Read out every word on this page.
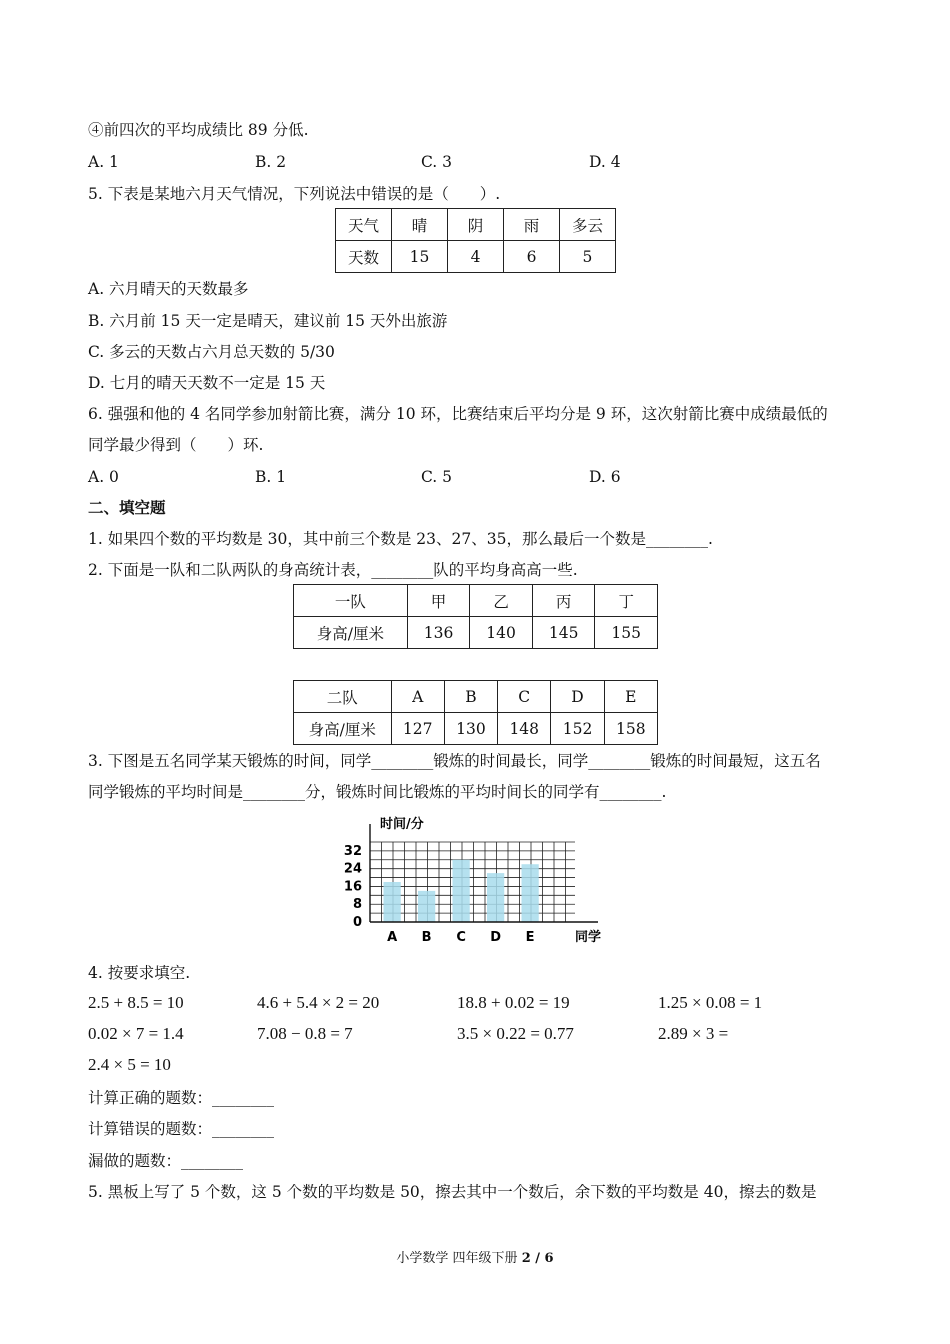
④前四次的平均成绩比 89 分低.
A. 1	B. 2	C. 3	D. 4
5. 下表是某地六月天气情况，下列说法中错误的是（　　）.
天气	晴	阴	雨	多云
天数	15	4	6	5
A. 六月晴天的天数最多
B. 六月前 15 天一定是晴天，建议前 15 天外出旅游
C. 多云的天数占六月总天数的 5/30
D. 七月的晴天天数不一定是 15 天
6. 强强和他的 4 名同学参加射箭比赛，满分 10 环，比赛结束后平均分是 9 环，这次射箭比赛中成绩最低的
同学最少得到（　　）环.
A. 0	B. 1	C. 5	D. 6
二、填空题
1. 如果四个数的平均数是 30，其中前三个数是 23、27、35，那么最后一个数是________.
2. 下面是一队和二队两队的身高统计表，________队的平均身高高一些.
一队	甲	乙	丙	丁
身高/厘米	136	140	145	155
二队	A	B	C	D	E
身高/厘米	127	130	148	152	158
3. 下图是五名同学某天锻炼的时间，同学________锻炼的时间最长，同学________锻炼的时间最短，这五名
同学锻炼的平均时间是________分，锻炼时间比锻炼的平均时间长的同学有________.
0
8
16
24
32
A B C D E
时间/分
同学
4. 按要求填空.
2.5 + 8.5 = 10	4.6 + 5.4 × 2 = 20	18.8 + 0.02 = 19	1.25 × 0.08 = 1
0.02 × 7 = 1.4	7.08 − 0.8 = 7	3.5 × 0.22 = 0.77	2.89 × 3 =
2.4 × 5 = 10
计算正确的题数：________
计算错误的题数：________
漏做的题数：________
5. 黑板上写了 5 个数，这 5 个数的平均数是 50，擦去其中一个数后，余下数的平均数是 40，擦去的数是
小学数学 四年级下册 2 / 6
